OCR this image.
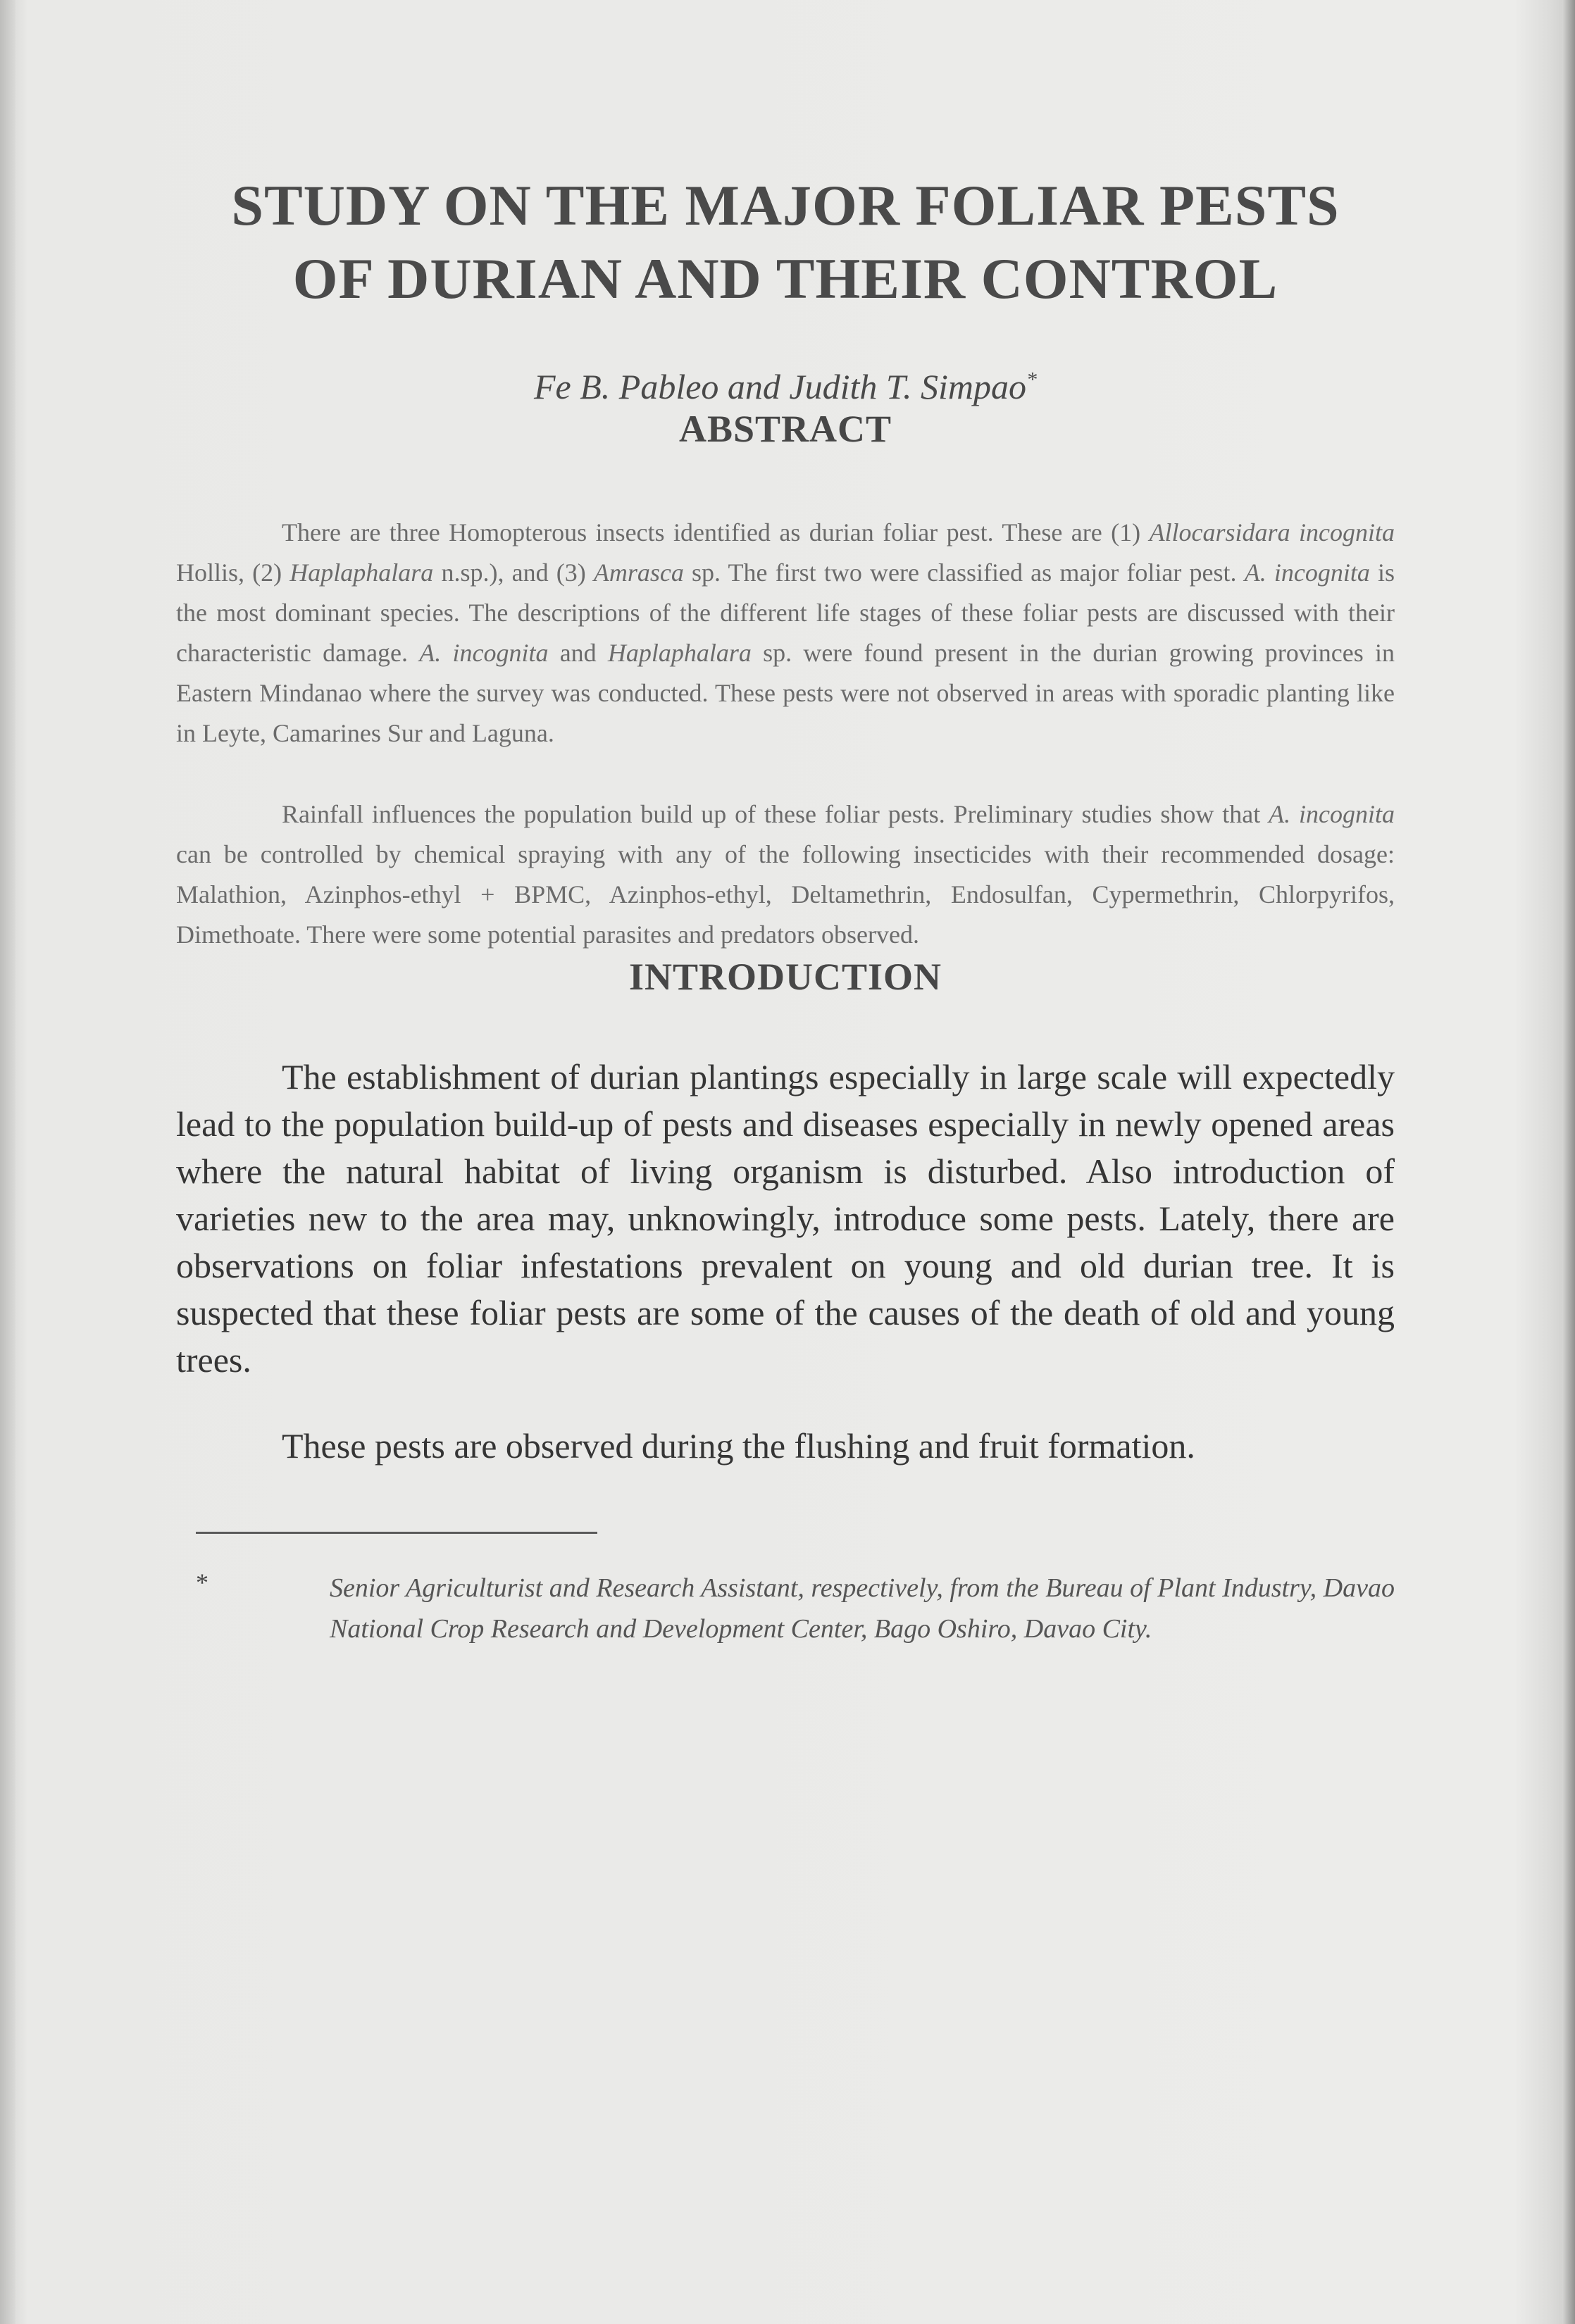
STUDY ON THE MAJOR FOLIAR PESTS
OF DURIAN AND THEIR CONTROL
Fe B. Pableo and Judith T. Simpao*
ABSTRACT

There are three Homopterous insects identified as durian foliar pest. These are (1) Allocarsidara incognita Hollis, (2) Haplaphalara n.sp.), and (3) Amrasca sp. The first two were classified as major foliar pest. A. incognita is the most dominant species. The descriptions of the different life stages of these foliar pests are discussed with their characteristic damage. A. incognita and Haplaphalara sp. were found present in the durian growing provinces in Eastern Mindanao where the survey was conducted. These pests were not observed in areas with sporadic planting like in Leyte, Camarines Sur and Laguna.

Rainfall influences the population build up of these foliar pests. Preliminary studies show that A. incognita can be controlled by chemical spraying with any of the following insecticides with their recommended dosage: Malathion, Azinphos-ethyl + BPMC, Azinphos-ethyl, Deltamethrin, Endosulfan, Cypermethrin, Chlorpyrifos, Dimethoate. There were some potential parasites and predators observed.

INTRODUCTION

The establishment of durian plantings especially in large scale will expectedly lead to the population build-up of pests and diseases especially in newly opened areas where the natural habitat of living organism is disturbed. Also introduction of varieties new to the area may, unknowingly, introduce some pests. Lately, there are observations on foliar infestations prevalent on young and old durian tree. It is suspected that these foliar pests are some of the causes of the death of old and young trees.

These pests are observed during the flushing and fruit formation.

*	Senior Agriculturist and Research Assistant, respectively, from the Bureau of Plant Industry, Davao National Crop Research and Development Center, Bago Oshiro, Davao City.
